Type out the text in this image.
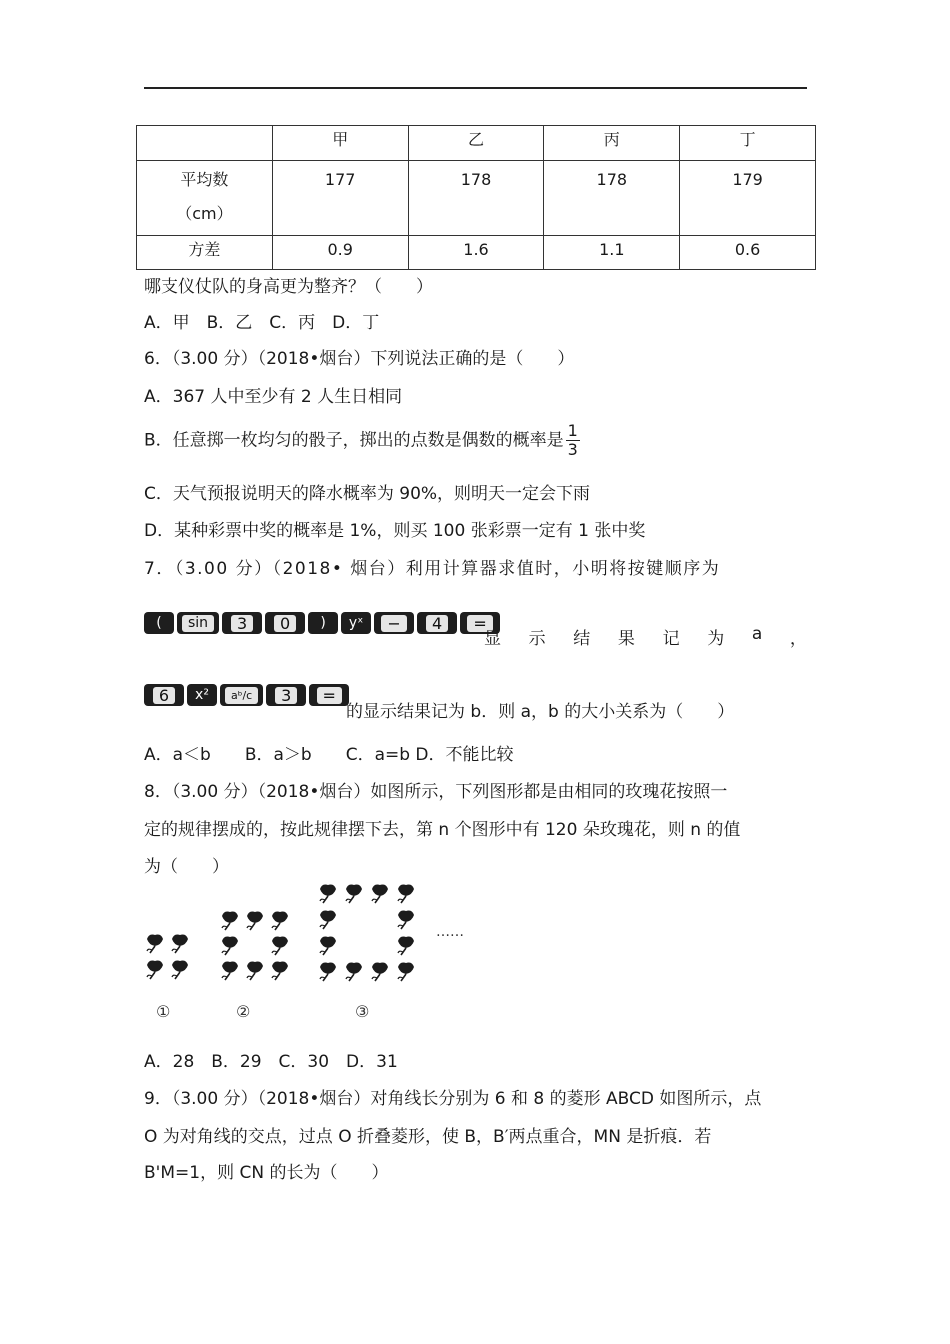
	甲	乙	丙	丁

平均数
（cm）	177	178	178	179
方差	0.9	1.6	1.1	0.6
哪支仪仗队的身高更为整齐？（　　）
A．甲　B．乙　C．丙　D．丁
6．（3.00 分）（2018•烟台）下列说法正确的是（　　）
A．367 人中至少有 2 人生日相同
B．任意掷一枚均匀的骰子，掷出的点数是偶数的概率是 $\frac{1}{3}$
C．天气预报说明天的降水概率为 90%，则明天一定会下雨
D．某种彩票中奖的概率是 1%，则买 100 张彩票一定有 1 张中奖
7．（3.00 分）（2018• 烟台）利用计算器求值时，小明将按键顺序为
(	sin	3	0	)	yˣ	−	4	=
显 示 结 果 记 为 a ，
6	x²	aᵇ/c	3	=
的显示结果记为 b．则 a，b 的大小关系为（　　）
A．a＜b　　B．a＞b　　C．a=b D．不能比较
8．（3.00 分）（2018•烟台）如图所示，下列图形都是由相同的玫瑰花按照一
定的规律摆成的，按此规律摆下去，第 n 个图形中有 120 朵玫瑰花，则 n 的值
为（　　）
①	②	③
……
A．28　B．29　C．30　D．31
9．（3.00 分）（2018•烟台）对角线长分别为 6 和 8 的菱形 ABCD 如图所示，点
O 为对角线的交点，过点 O 折叠菱形，使 B，B′两点重合，MN 是折痕．若
B'M=1，则 CN 的长为（　　）
